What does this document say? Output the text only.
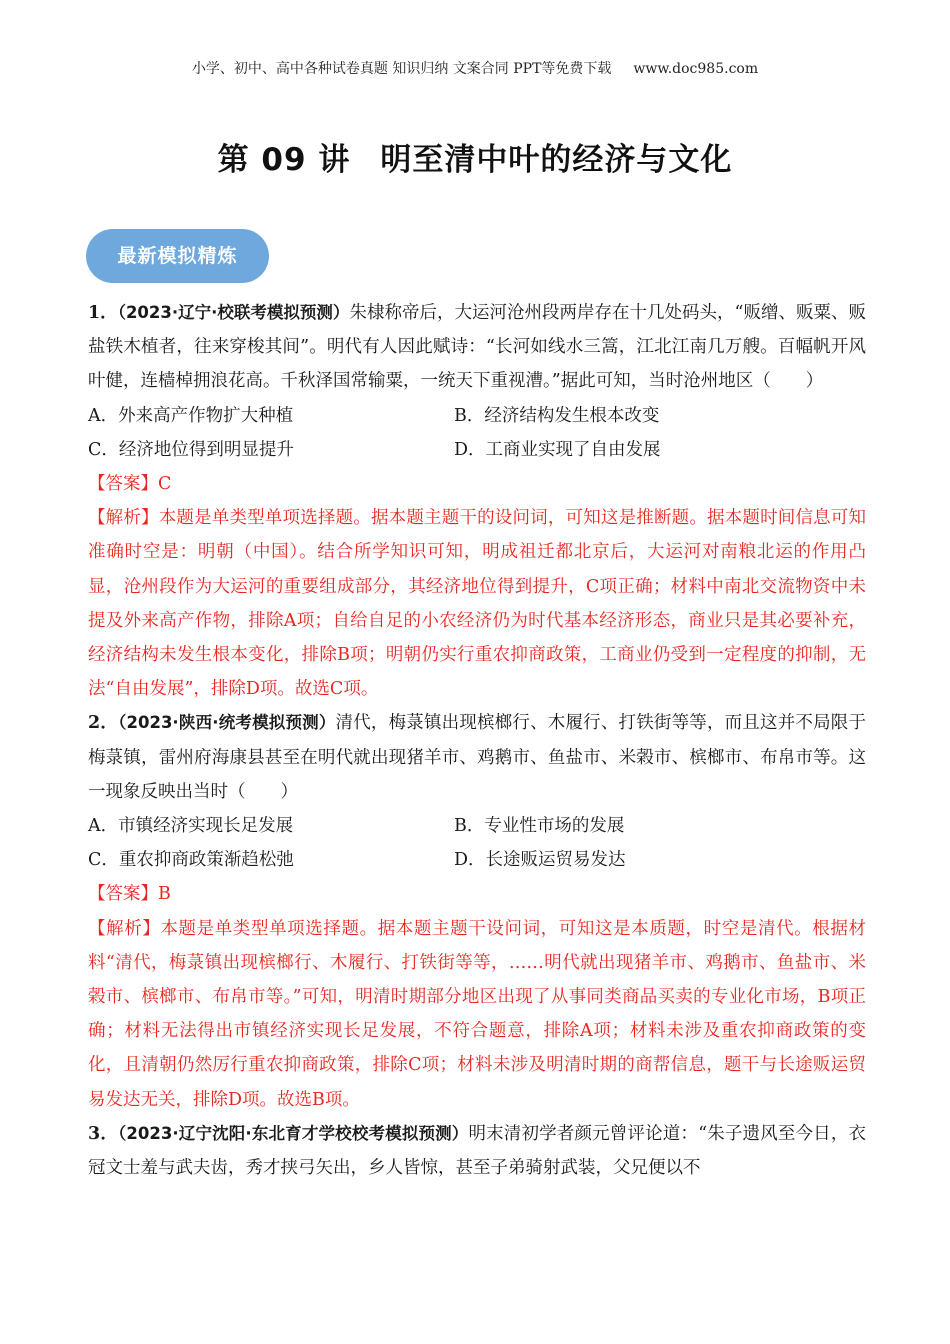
小学、初中、高中各种试卷真题 知识归纳 文案合同 PPT等免费下载 www.doc985.com
第 09 讲 明至清中叶的经济与文化
最新模拟精炼

1．（2023·辽宁·校联考模拟预测）朱棣称帝后，大运河沧州段两岸存在十几处码头，“贩缯、贩粟、贩盐铁木植者，往来穿梭其间”。明代有人因此赋诗：“长河如线水三篙，江北江南几万艘。百幅帆开风叶健，连樯棹拥浪花高。千秋泽国常输粟，一统天下重视漕。”据此可知，当时沧州地区（　　）

A．外来高产作物扩大种植	B．经济结构发生根本改变
C．经济地位得到明显提升	D．工商业实现了自由发展

【答案】C

【解析】本题是单类型单项选择题。据本题主题干的设问词，可知这是推断题。据本题时间信息可知准确时空是：明朝（中国）。结合所学知识可知，明成祖迁都北京后，大运河对南粮北运的作用凸显，沧州段作为大运河的重要组成部分，其经济地位得到提升，C项正确；材料中南北交流物资中未提及外来高产作物，排除A项；自给自足的小农经济仍为时代基本经济形态，商业只是其必要补充，经济结构未发生根本变化，排除B项；明朝仍实行重农抑商政策，工商业仍受到一定程度的抑制，无法“自由发展”，排除D项。故选C项。

2．（2023·陕西·统考模拟预测）清代，梅菉镇出现槟榔行、木履行、打铁街等等，而且这并不局限于梅菉镇，雷州府海康县甚至在明代就出现猪羊市、鸡鹅市、鱼盐市、米榖市、槟榔市、布帛市等。这一现象反映出当时（　　）

A．市镇经济实现长足发展	B．专业性市场的发展
C．重农抑商政策渐趋松弛	D．长途贩运贸易发达

【答案】B

【解析】本题是单类型单项选择题。据本题主题干设问词，可知这是本质题，时空是清代。根据材料“清代，梅菉镇出现槟榔行、木履行、打铁街等等，……明代就出现猪羊市、鸡鹅市、鱼盐市、米榖市、槟榔市、布帛市等。”可知，明清时期部分地区出现了从事同类商品买卖的专业化市场，B项正确；材料无法得出市镇经济实现长足发展，不符合题意，排除A项；材料未涉及重农抑商政策的变化，且清朝仍然厉行重农抑商政策，排除C项；材料未涉及明清时期的商帮信息，题干与长途贩运贸易发达无关，排除D项。故选B项。

3．（2023·辽宁沈阳·东北育才学校校考模拟预测）明末清初学者颜元曾评论道：“朱子遗风至今日，衣冠文士羞与武夫齿，秀才挟弓矢出，乡人皆惊，甚至子弟骑射武装，父兄便以不
